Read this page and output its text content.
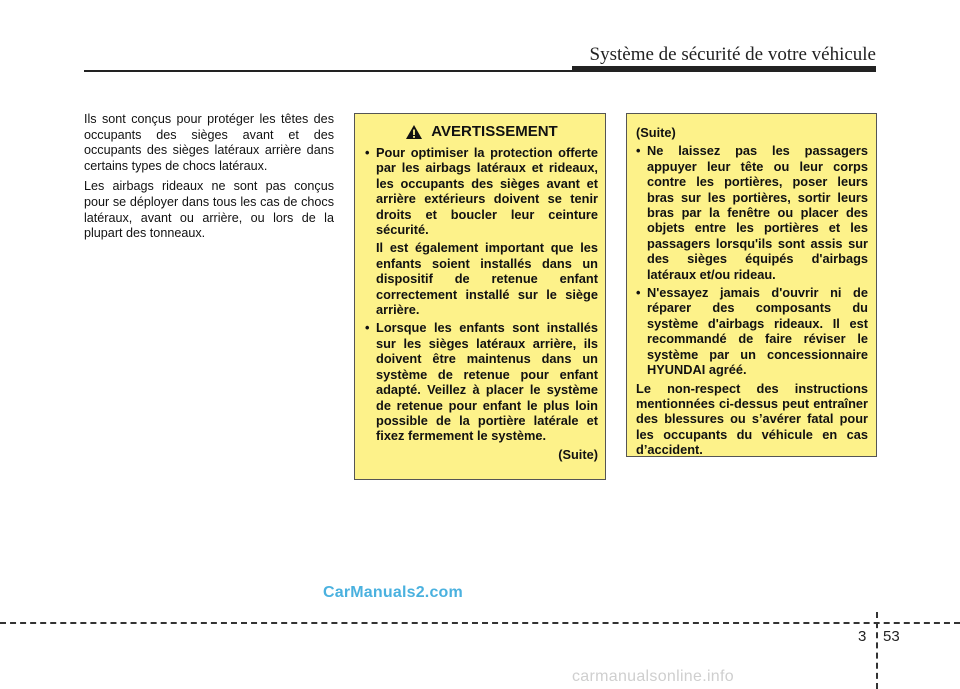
Système de sécurité de votre véhicule

Ils sont conçus pour protéger les têtes des occupants des sièges avant et des occupants des sièges latéraux arrière dans certains types de chocs latéraux.

Les airbags rideaux ne sont pas conçus pour se déployer dans tous les cas de chocs latéraux, avant ou arrière, ou lors de la plupart des tonneaux.

AVERTISSEMENT
• Pour optimiser la protection offerte par les airbags latéraux et rideaux, les occupants des sièges avant et arrière extérieurs doivent se tenir droits et boucler leur ceinture sécurité.
Il est également important que les enfants soient installés dans un dispositif de retenue enfant correctement installé sur le siège arrière.
• Lorsque les enfants sont installés sur les sièges latéraux arrière, ils doivent être maintenus dans un système de retenue pour enfant adapté. Veillez à placer le système de retenue pour enfant le plus loin possible de la portière latérale et fixez fermement le système.
(Suite)
(Suite)
• Ne laissez pas les passagers appuyer leur tête ou leur corps contre les portières, poser leurs bras sur les portières, sortir leurs bras par la fenêtre ou placer des objets entre les portières et les passagers lorsqu'ils sont assis sur des sièges équipés d'airbags latéraux et/ou rideau.
• N'essayez jamais d'ouvrir ni de réparer des composants du système d'airbags rideaux. Il est recommandé de faire réviser le système par un concessionnaire HYUNDAI agréé.
Le non-respect des instructions mentionnées ci-dessus peut entraîner des blessures ou s’avérer fatal pour les occupants du véhicule en cas d’accident.
CarManuals2.com
3 53
carmanualsonline.info
